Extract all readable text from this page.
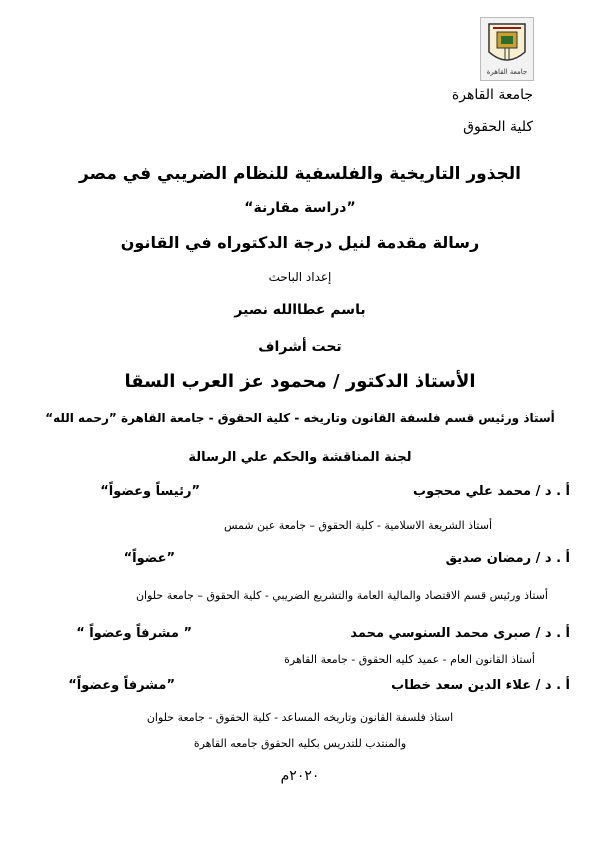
جامعة القاهرة
جامعة القاهرة
كلية الحقوق
الجذور التاريخية والفلسفية للنظام الضريبي في مصر
”دراسة مقارنة“
رسالة مقدمة لنيل درجة الدكتوراه في القانون
إعداد الباحث
باسم عطاالله نصير
تحت أشراف
الأستاذ الدكتور / محمود عز العرب السقا
أستاذ ورئيس قسم فلسفة القانون وتاريخه - كلية الحقوق - جامعة القاهرة ”رحمه الله“
لجنة المناقشة والحكم علي الرسالة
أ . د / محمد علي محجوب
”رئيساً وعضواً“
أستاذ الشريعة الاسلامية - كلية الحقوق – جامعة عين شمس
أ . د / رمضان صديق
”عضواً“
أستاذ ورئيس قسم الاقتصاد والمالية العامة والتشريع الضريبي - كلية الحقوق – جامعة حلوان
أ . د / صبرى محمد السنوسي محمد
” مشرفاً وعضواً “
أستاذ القانون العام - عميد كليه الحقوق - جامعة القاهرة
أ . د / علاء الدين سعد خطاب
”مشرفاً وعضواً“
استاذ فلسفة القانون وتاريخه المساعد - كلية الحقوق - جامعة حلوان
والمنتدب للتدريس بكليه الحقوق جامعه القاهرة
٢٠٢٠م
